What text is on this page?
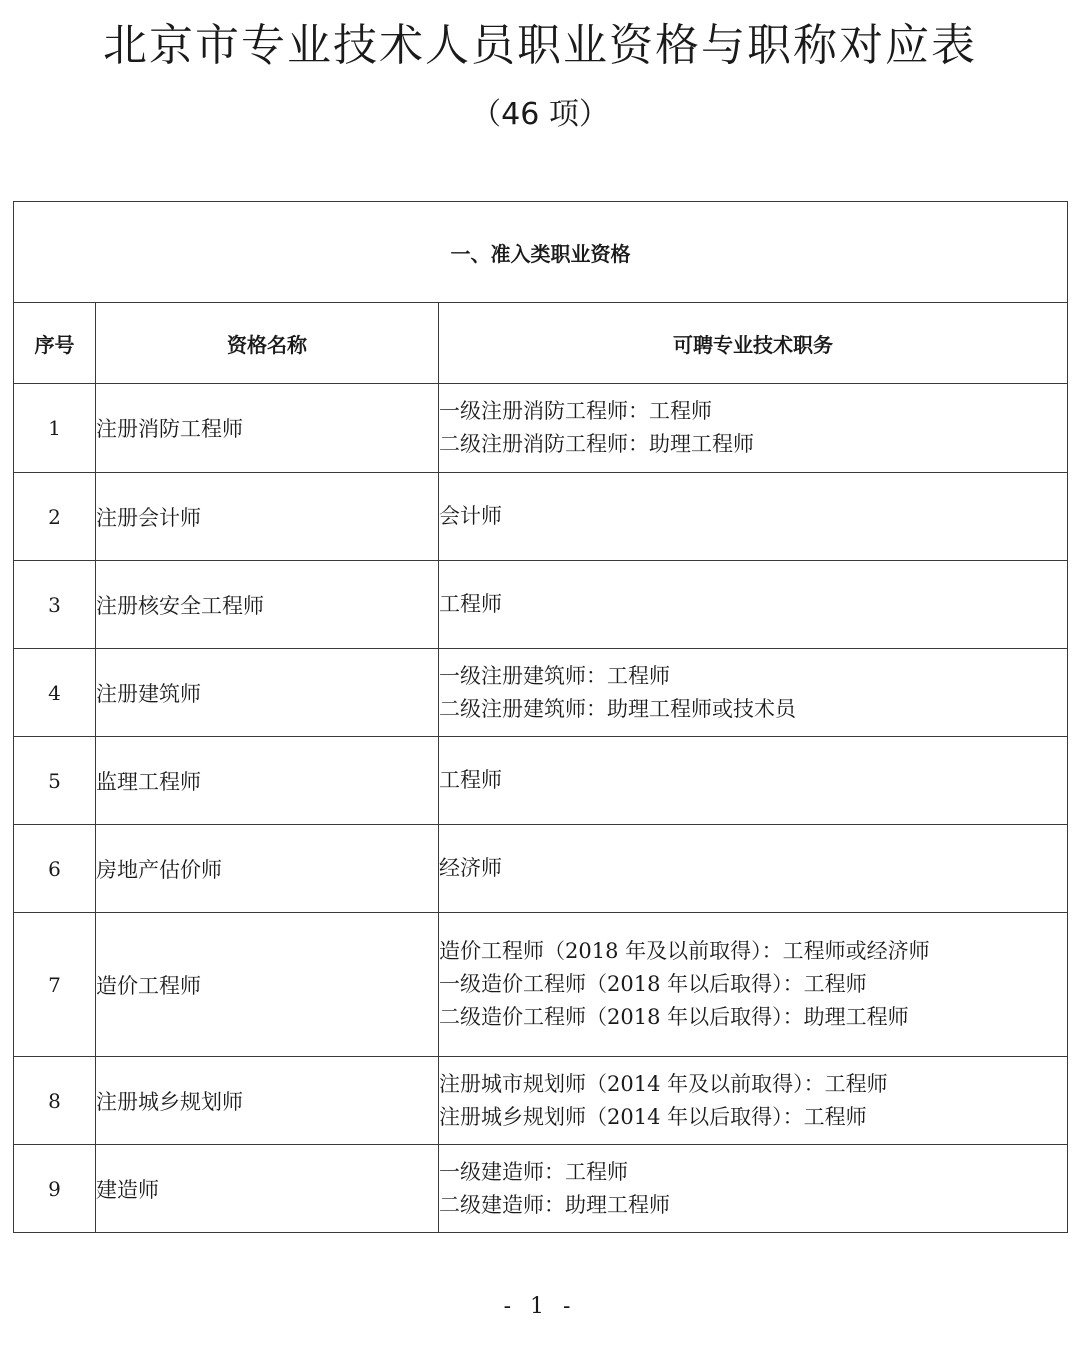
北京市专业技术人员职业资格与职称对应表
（46 项）
一、准入类职业资格		
序号	资格名称	可聘专业技术职务
1	注册消防工程师	一级注册消防工程师：工程师
二级注册消防工程师：助理工程师

2	注册会计师	会计师

3	注册核安全工程师	工程师

4	注册建筑师	一级注册建筑师：工程师
二级注册建筑师：助理工程师或技术员

5	监理工程师	工程师

6	房地产估价师	经济师

7	造价工程师	造价工程师（2018 年及以前取得）：工程师或经济师
一级造价工程师（2018 年以后取得）：工程师
二级造价工程师（2018 年以后取得）：助理工程师

8	注册城乡规划师	注册城市规划师（2014 年及以前取得）：工程师
注册城乡规划师（2014 年以后取得）：工程师

9	建造师	一级建造师：工程师
二级建造师：助理工程师
- 1 -
